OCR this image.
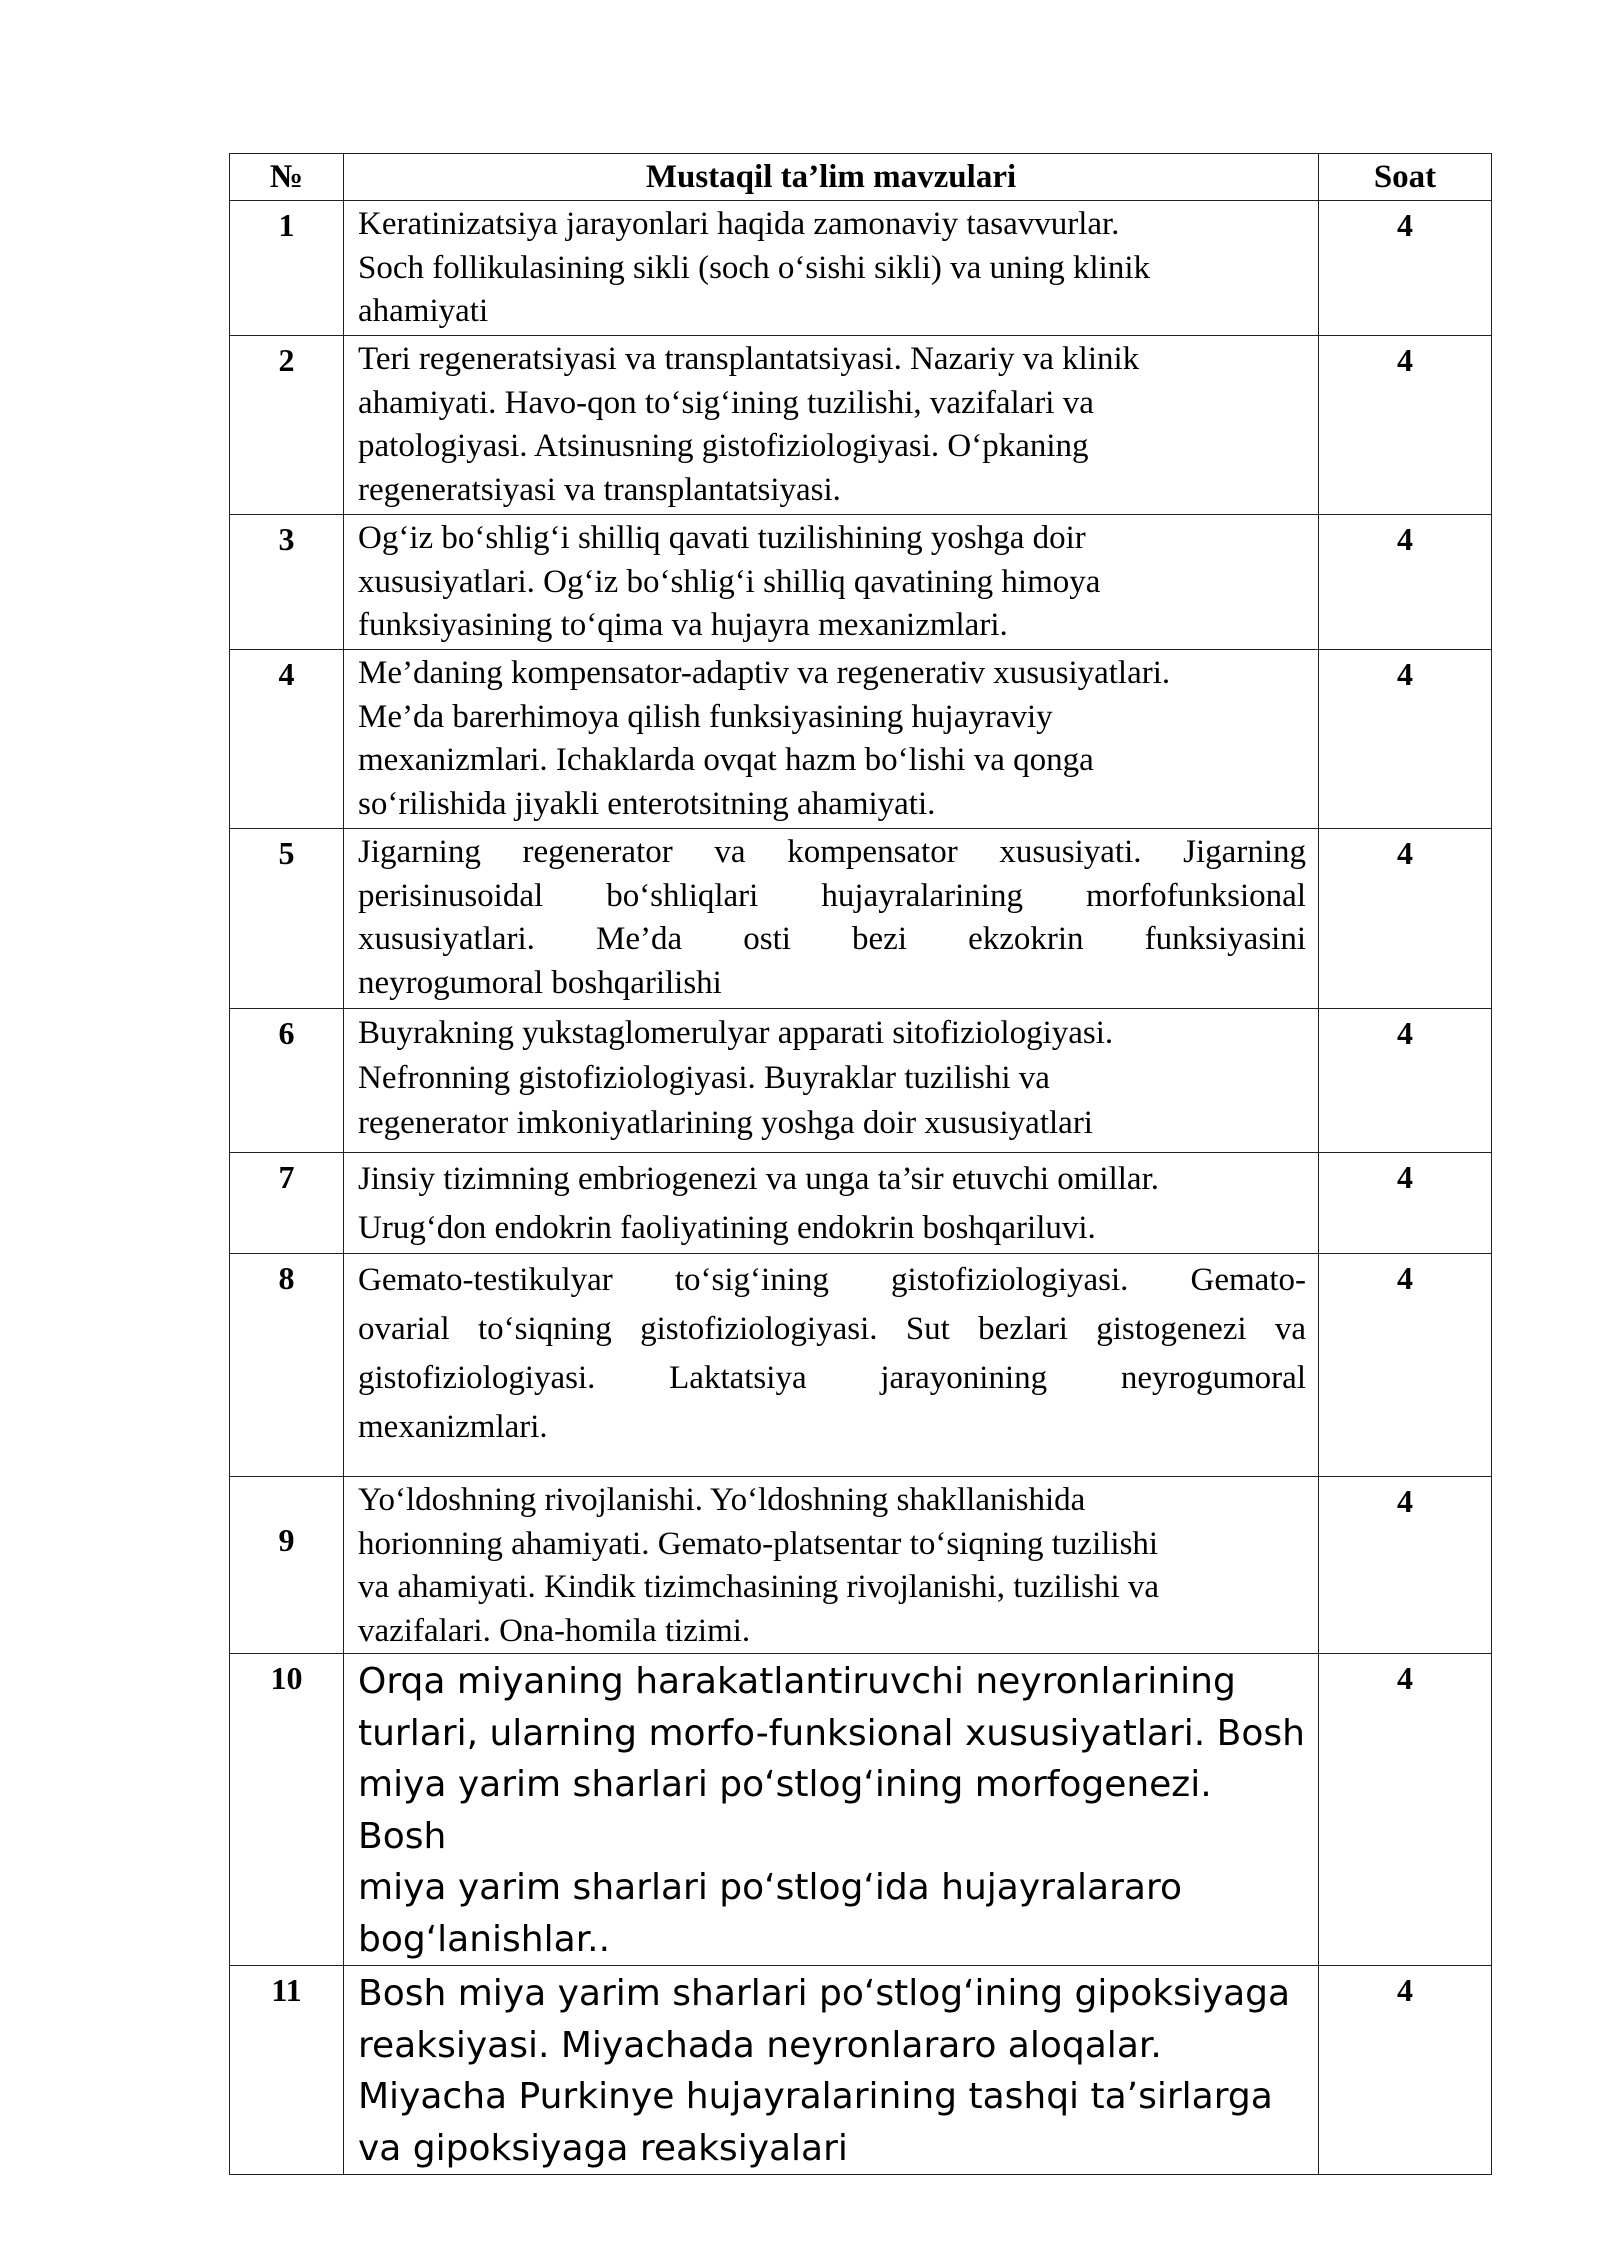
№	Mustaqil ta’lim mavzulari	Soat
1	Keratinizatsiya jarayonlari haqida zamonaviy tasavvurlar.
Soch follikulasining sikli (soch o‘sishi sikli) va uning klinik
ahamiyati	4
2	Teri regeneratsiyasi va transplantatsiyasi. Nazariy va klinik
ahamiyati. Havo-qon to‘sig‘ining tuzilishi, vazifalari va
patologiyasi. Atsinusning gistofiziologiyasi. O‘pkaning
regeneratsiyasi va transplantatsiyasi.	4
3	Og‘iz bo‘shlig‘i shilliq qavati tuzilishining yoshga doir
xususiyatlari. Og‘iz bo‘shlig‘i shilliq qavatining himoya
funksiyasining to‘qima va hujayra mexanizmlari.	4
4	Me’daning kompensator-adaptiv va regenerativ xususiyatlari.
Me’da barerhimoya qilish funksiyasining hujayraviy
mexanizmlari. Ichaklarda ovqat hazm bo‘lishi va qonga
so‘rilishida jiyakli enterotsitning ahamiyati.	4
5	Jigarning regenerator va kompensator xususiyati. Jigarning
perisinusoidal bo‘shliqlari hujayralarining morfofunksional
xususiyatlari. Me’da osti bezi ekzokrin funksiyasini
neyrogumoral boshqarilishi	4
6	Buyrakning yukstaglomerulyar apparati sitofiziologiyasi.
Nefronning gistofiziologiyasi. Buyraklar tuzilishi va
regenerator imkoniyatlarining yoshga doir xususiyatlari	4
7	Jinsiy tizimning embriogenezi va unga ta’sir etuvchi omillar.
Urug‘don endokrin faoliyatining endokrin boshqariluvi.	4
8	Gemato-testikulyar to‘sig‘ining gistofiziologiyasi. Gemato-
ovarial to‘siqning gistofiziologiyasi. Sut bezlari gistogenezi va
gistofiziologiyasi. Laktatsiya jarayonining neyrogumoral
mexanizmlari.	4
9	Yo‘ldoshning rivojlanishi. Yo‘ldoshning shakllanishida
horionning ahamiyati. Gemato-platsentar to‘siqning tuzilishi
va ahamiyati. Kindik tizimchasining rivojlanishi, tuzilishi va
vazifalari. Ona-homila tizimi.	4
10	Orqa miyaning harakatlantiruvchi neyronlarining
turlari, ularning morfo-funksional xususiyatlari. Bosh
miya yarim sharlari po‘stlog‘ining morfogenezi. Bosh
miya yarim sharlari po‘stlog‘ida hujayralararo
bog‘lanishlar..	4
11	Bosh miya yarim sharlari po‘stlog‘ining gipoksiyaga
reaksiyasi. Miyachada neyronlararo aloqalar.
Miyacha Purkinye hujayralarining tashqi ta’sirlarga
va gipoksiyaga reaksiyalari	4
